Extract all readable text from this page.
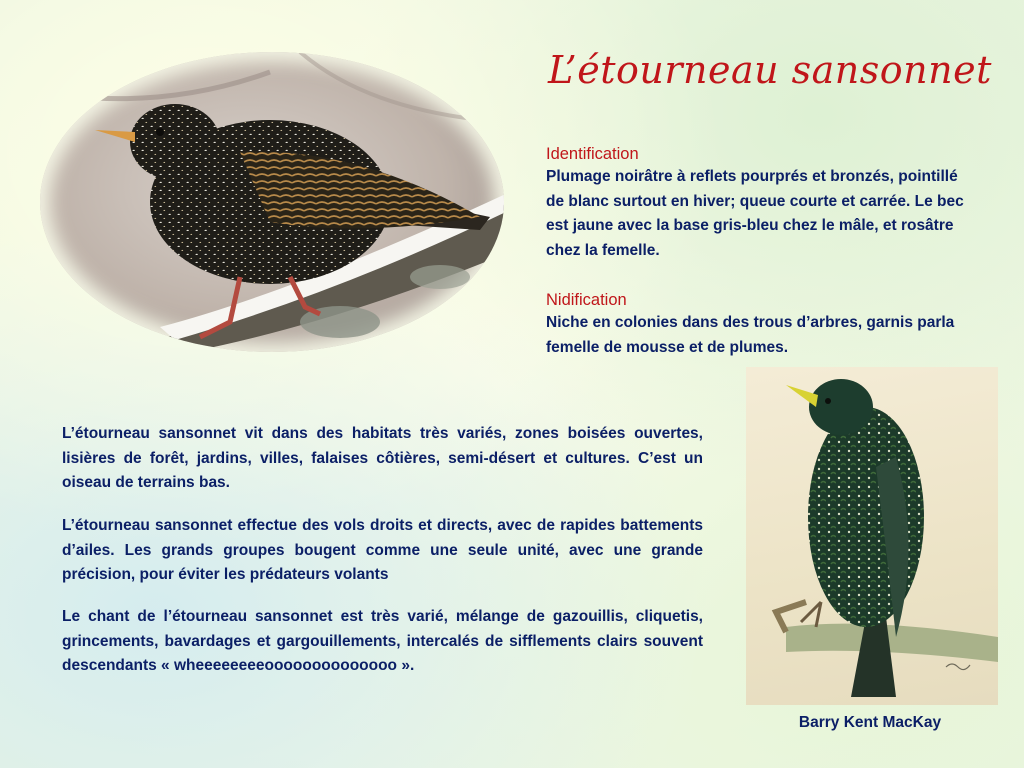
L’étourneau sansonnet
Identification

Plumage noirâtre à reflets pourprés et bronzés, pointillé de blanc surtout en hiver; queue courte et carrée. Le bec est jaune avec la base gris-bleu chez le mâle, et rosâtre chez la femelle.

Nidification

Niche en colonies dans des trous d’arbres, garnis parla femelle de mousse et de plumes.

L’étourneau sansonnet vit dans des habitats très variés, zones boisées ouvertes, lisières de forêt, jardins, villes, falaises côtières, semi-désert et cultures. C’est un oiseau de terrains bas.

L’étourneau sansonnet effectue des vols droits et directs, avec de rapides battements d’ailes. Les grands groupes bougent comme une seule unité, avec une grande précision, pour éviter les prédateurs volants

Le chant de l’étourneau sansonnet est très varié, mélange de gazouillis, cliquetis, grincements, bavardages et gargouillements, intercalés de sifflements clairs souvent descendants « wheeeeeeeeoooooooooooooo ».

Barry Kent MacKay
